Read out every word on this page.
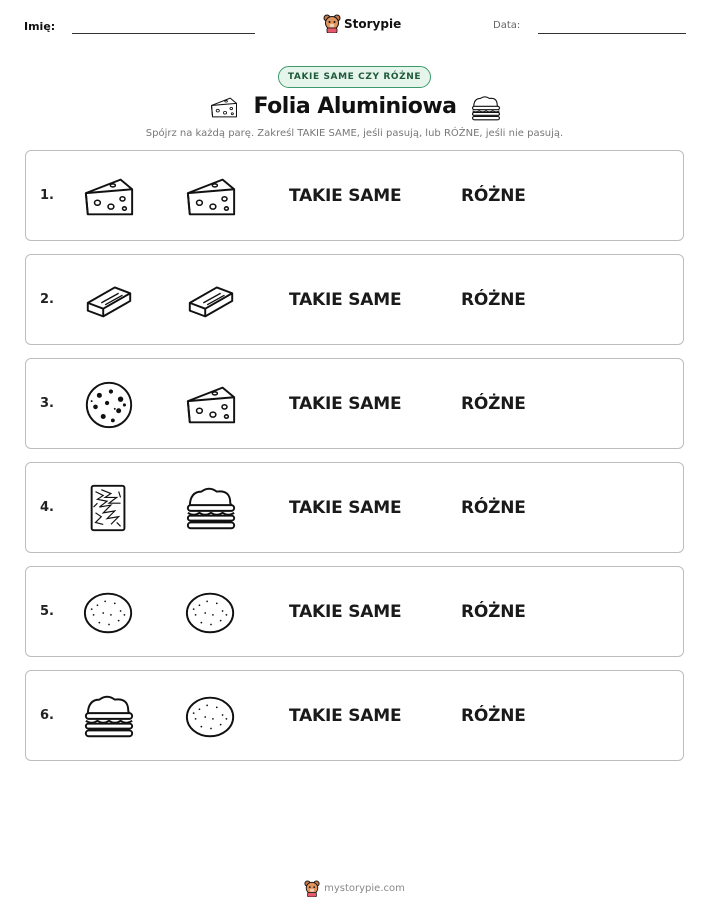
Imię:	Storypie	Data:
TAKIE SAME CZY RÓŻNE
Folia Aluminiowa
Spójrz na każdą parę. Zakreśl TAKIE SAME, jeśli pasują, lub RÓŻNE, jeśli nie pasują.
1.	TAKIE SAME	RÓŻNE
2.	TAKIE SAME	RÓŻNE
3.	TAKIE SAME	RÓŻNE
4.	TAKIE SAME	RÓŻNE
5.	TAKIE SAME	RÓŻNE
6.	TAKIE SAME	RÓŻNE
mystorypie.com
